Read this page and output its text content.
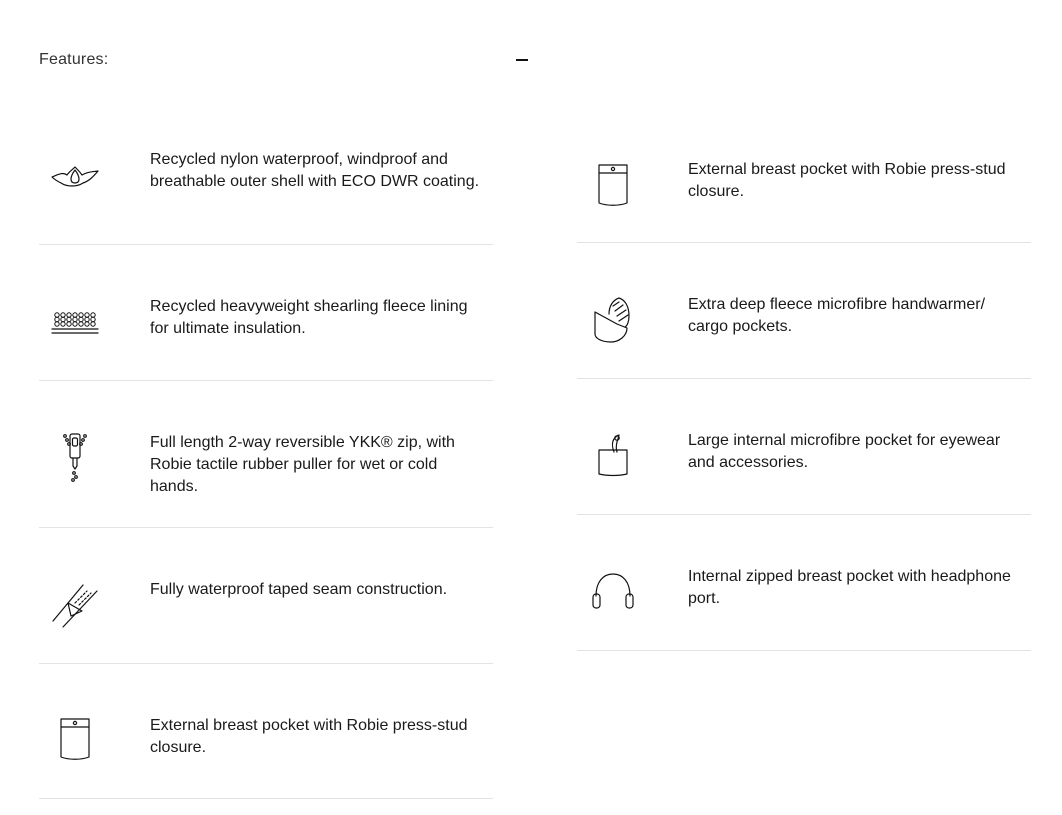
Features:
Recycled nylon waterproof, windproof and breathable outer shell with ECO DWR coating.
Recycled heavyweight shearling fleece lining for ultimate insulation.
Full length 2-way reversible YKK® zip, with Robie tactile rubber puller for wet or cold hands.
Fully waterproof taped seam construction.
External breast pocket with Robie press-stud closure.
External breast pocket with Robie press-stud closure.
Extra deep fleece microfibre handwarmer/ cargo pockets.
Large internal microfibre pocket for eyewear and accessories.
Internal zipped breast pocket with headphone port.
